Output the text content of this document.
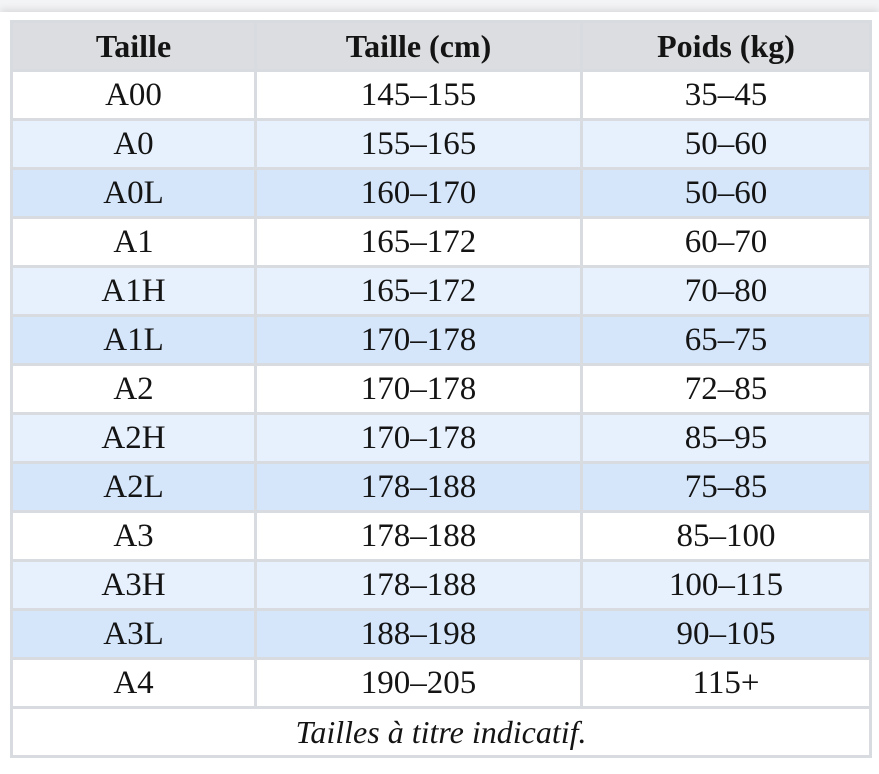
Taille	Taille (cm)	Poids (kg)
A00	145–155	35–45
A0	155–165	50–60
A0L	160–170	50–60
A1	165–172	60–70
A1H	165–172	70–80
A1L	170–178	65–75
A2	170–178	72–85
A2H	170–178	85–95
A2L	178–188	75–85
A3	178–188	85–100
A3H	178–188	100–115
A3L	188–198	90–105
A4	190–205	115+
Tailles à titre indicatif.		
